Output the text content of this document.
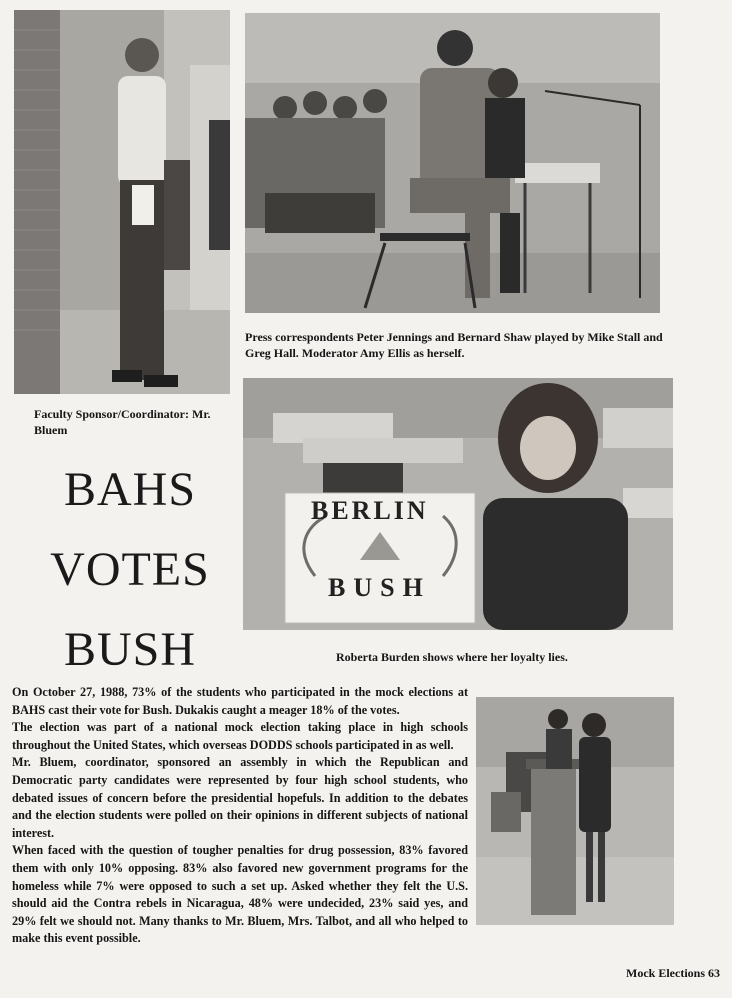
Press correspondents Peter Jennings and Bernard Shaw played by Mike Stall and Greg Hall. Moderator Amy Ellis as herself.
Faculty Sponsor/Coordinator: Mr. Bluem
BAHS
VOTES
BUSH
BERLIN
BUSH
Roberta Burden shows where her loyalty lies.

On October 27, 1988, 73% of the students who participated in the mock elections at BAHS cast their vote for Bush. Dukakis caught a meager 18% of the votes.

The election was part of a national mock election taking place in high schools throughout the United States, which overseas DODDS schools participated in as well.

Mr. Bluem, coordinator, sponsored an assembly in which the Republican and Democratic party candidates were represented by four high school students, who debated issues of concern before the presidential hopefuls. In addition to the debates and the election students were polled on their opinions in different subjects of national interest.

When faced with the question of tougher penalties for drug possession, 83% favored them with only 10% opposing. 83% also favored new government programs for the homeless while 7% were opposed to such a set up. Asked whether they felt the U.S. should aid the Contra rebels in Nicaragua, 48% were undecided, 23% said yes, and 29% felt we should not. Many thanks to Mr. Bluem, Mrs. Talbot, and all who helped to make this event possible.

Mock Elections 63
